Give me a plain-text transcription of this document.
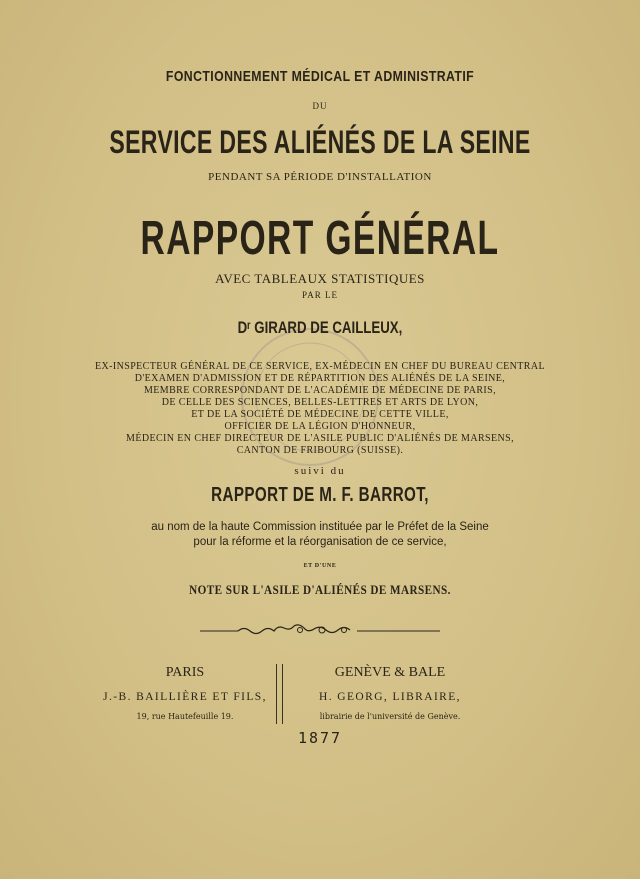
FONCTIONNEMENT MÉDICAL ET ADMINISTRATIF
DU
SERVICE DES ALIÉNÉS DE LA SEINE
PENDANT SA PÉRIODE D'INSTALLATION
RAPPORT GÉNÉRAL
AVEC TABLEAUX STATISTIQUES
PAR LE
Dʳ GIRARD DE CAILLEUX,
EX-INSPECTEUR GÉNÉRAL DE CE SERVICE, EX-MÉDECIN EN CHEF DU BUREAU CENTRAL
D'EXAMEN D'ADMISSION ET DE RÉPARTITION DES ALIÉNÉS DE LA SEINE,
MEMBRE CORRESPONDANT DE L'ACADÉMIE DE MÉDECINE DE PARIS,
DE CELLE DES SCIENCES, BELLES-LETTRES ET ARTS DE LYON,
ET DE LA SOCIÉTÉ DE MÉDECINE DE CETTE VILLE,
OFFICIER DE LA LÉGION D'HONNEUR,
MÉDECIN EN CHEF DIRECTEUR DE L'ASILE PUBLIC D'ALIÉNÉS DE MARSENS,
CANTON DE FRIBOURG (SUISSE).
suivi du
RAPPORT DE M. F. BARROT,
au nom de la haute Commission instituée par le Préfet de la Seine
pour la réforme et la réorganisation de ce service,
ET D'UNE
NOTE SUR L'ASILE D'ALIÉNÉS DE MARSENS.
PARIS
J.-B. BAILLIÈRE ET FILS,
19, rue Hautefeuille 19.
GENÈVE & BALE
H. GEORG, LIBRAIRE,
librairie de l'université de Genève.
1877
